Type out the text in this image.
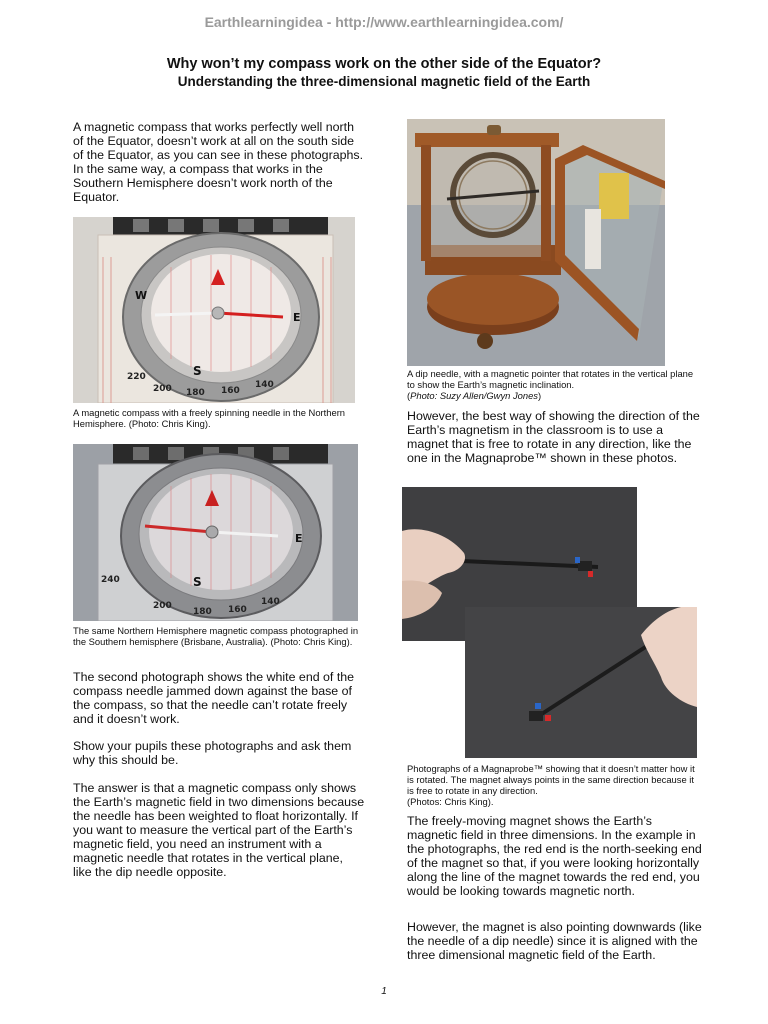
Earthlearningidea - http://www.earthlearningidea.com/
Why won’t my compass work on the other side of the Equator?
Understanding the three-dimensional magnetic field of the Earth
A magnetic compass that works perfectly well north of the Equator, doesn’t work at all on the south side of the Equator, as you can see in these photographs. In the same way, a compass that works in the Southern Hemisphere doesn’t work north of the Equator.
W
E
S
180 160
140
200
220
A magnetic compass with a freely spinning needle in the Northern Hemisphere. (Photo: Chris King).
E
S
180 160
140
200
240
The same Northern Hemisphere magnetic compass photographed in the Southern hemisphere (Brisbane, Australia). (Photo: Chris King).
The second photograph shows the white end of the compass needle jammed down against the base of the compass, so that the needle can’t rotate freely and it doesn’t work.
Show your pupils these photographs and ask them why this should be.
The answer is that a magnetic compass only shows the Earth’s magnetic field in two dimensions because the needle has been weighted to float horizontally. If you want to measure the vertical part of the Earth’s magnetic field, you need an instrument with a magnetic needle that rotates in the vertical plane, like the dip needle opposite.
A dip needle, with a magnetic pointer that rotates in the vertical plane to show the Earth’s magnetic inclination.
(Photo: Suzy Allen/Gwyn Jones)
However, the best way of showing the direction of the Earth’s magnetism in the classroom is to use a magnet that is free to rotate in any direction, like the one in the Magnaprobe™ shown in these photos.
Photographs of a Magnaprobe™ showing that it doesn’t matter how it is rotated. The magnet always points in the same direction because it is free to rotate in any direction.
(Photos: Chris King).
The freely-moving magnet shows the Earth’s magnetic field in three dimensions. In the example in the photographs, the red end is the north-seeking end of the magnet so that, if you were looking horizontally along the line of the magnet towards the red end, you would be looking towards magnetic north.
However, the magnet is also pointing downwards (like the needle of a dip needle) since it is aligned with the three dimensional magnetic field of the Earth.
1
